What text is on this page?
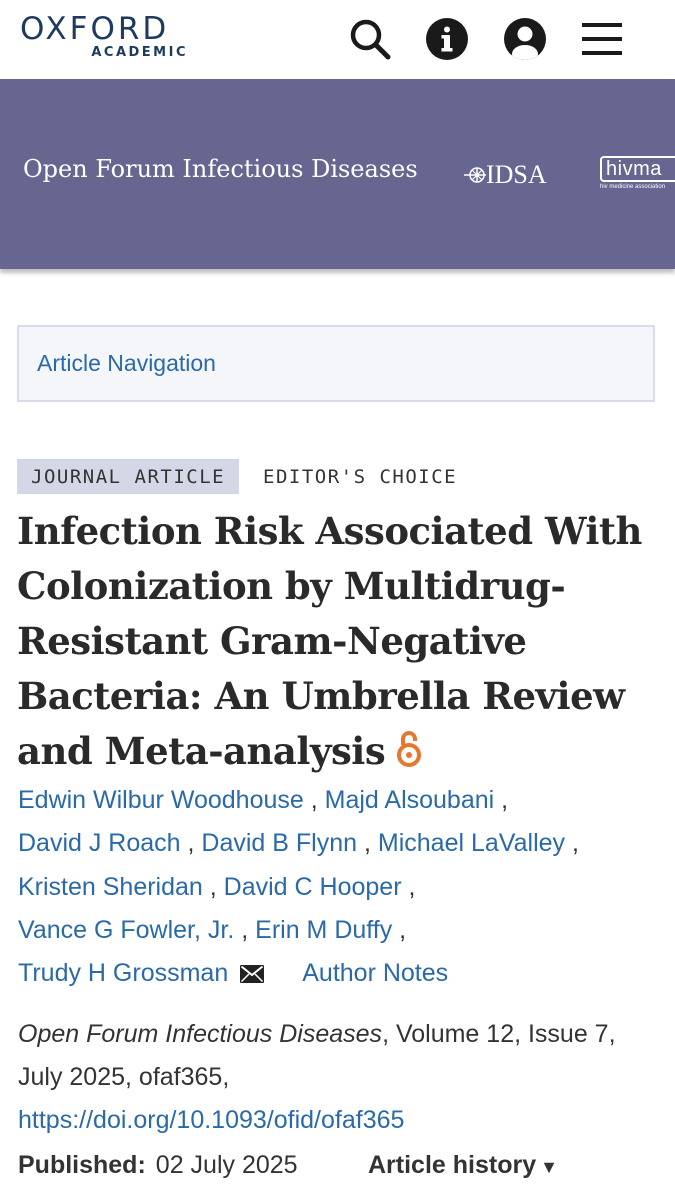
OXFORD
ACADEMIC
Open Forum Infectious Diseases	IDSA	hivma
hiv medicine association
Article Navigation
JOURNAL ARTICLE	EDITOR'S CHOICE
Infection Risk Associated With Colonization by Multidrug-Resistant Gram-Negative Bacteria: An Umbrella Review and Meta-analysis
Edwin Wilbur Woodhouse , Majd Alsoubani ,
David J Roach , David B Flynn , Michael LaValley ,
Kristen Sheridan , David C Hooper ,
Vance G Fowler, Jr. , Erin M Duffy ,
Trudy H Grossman	Author Notes
Open Forum Infectious Diseases, Volume 12, Issue 7, July 2025, ofaf365,
https://doi.org/10.1093/ofid/ofaf365
Published: 02 July 2025	Article history ▼
